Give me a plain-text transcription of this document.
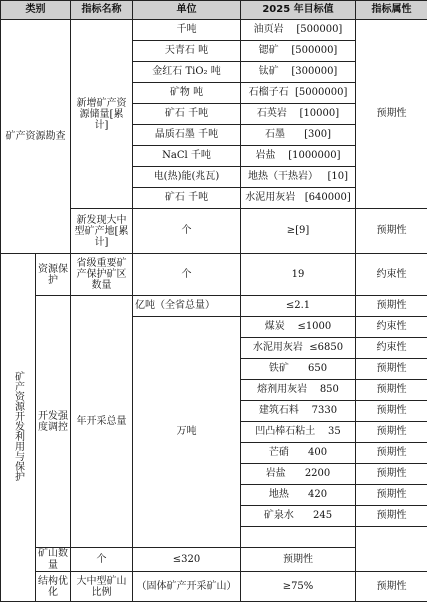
类别		指标名称	单位	2025 年目标值	指标属性
矿产资源勘查		新增矿产资源储量[累计]	千吨	油页岩 [500000]	预期性
			天青石 吨	锶矿 [500000]	
			金红石 TiO₂ 吨	钛矿 [300000]	
			矿物 吨	石榴子石 [5000000]	
			矿石 千吨	石英岩 [10000]	
			晶质石墨 千吨	石墨 [300]	
			NaCl 千吨	岩盐 [1000000]	
			电(热)能(兆瓦)	地热（干热岩） [10]	
			矿石 千吨	水泥用灰岩 [640000]	
		新发现大中型矿产地[累计]	个	≥[9]	预期性
矿产资源开发利用与保护	资源保护	省级重要矿产保护矿区数量	个	19	约束性
	开发强度调控	年开采总量	亿吨（全省总量）	≤2.1	预期性
			万吨	煤炭 ≤1000	约束性
				水泥用灰岩 ≤6850	约束性
				铁矿 650	预期性
				熔剂用灰岩 850	预期性
				建筑石料 7330	预期性
				凹凸棒石粘土 35	预期性
				芒硝 400	预期性
				岩盐 2200	预期性
				地热 420	预期性
				矿泉水 245	预期性

	矿山数量	个	≤320	预期性	
	结构优化	大中型矿山比例	（固体矿产开采矿山）	≥75%	预期性
